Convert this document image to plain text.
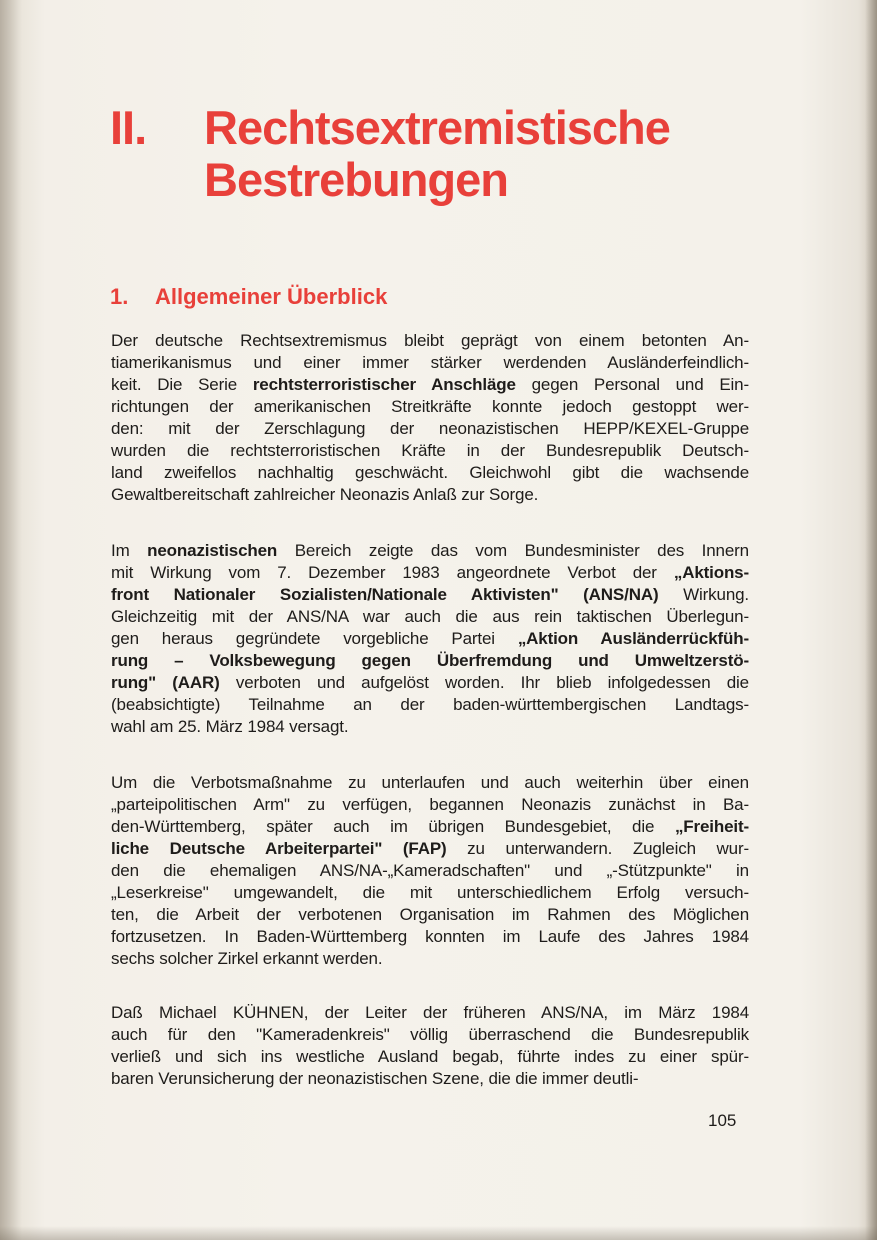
II. Rechtsextremistische
Bestrebungen
1. Allgemeiner Überblick
Der deutsche Rechtsextremismus bleibt geprägt von einem betonten An-
tiamerikanismus und einer immer stärker werdenden Ausländerfeindlich-
keit. Die Serie rechtsterroristischer Anschläge gegen Personal und Ein-
richtungen der amerikanischen Streitkräfte konnte jedoch gestoppt wer-
den: mit der Zerschlagung der neonazistischen HEPP/KEXEL-Gruppe
wurden die rechtsterroristischen Kräfte in der Bundesrepublik Deutsch-
land zweifellos nachhaltig geschwächt. Gleichwohl gibt die wachsende
Gewaltbereitschaft zahlreicher Neonazis Anlaß zur Sorge.
Im neonazistischen Bereich zeigte das vom Bundesminister des Innern
mit Wirkung vom 7. Dezember 1983 angeordnete Verbot der „Aktions-
front Nationaler Sozialisten/Nationale Aktivisten" (ANS/NA) Wirkung.
Gleichzeitig mit der ANS/NA war auch die aus rein taktischen Überlegun-
gen heraus gegründete vorgebliche Partei „Aktion Ausländerrückfüh-
rung – Volksbewegung gegen Überfremdung und Umweltzerstö-
rung" (AAR) verboten und aufgelöst worden. Ihr blieb infolgedessen die
(beabsichtigte) Teilnahme an der baden-württembergischen Landtags-
wahl am 25. März 1984 versagt.
Um die Verbotsmaßnahme zu unterlaufen und auch weiterhin über einen
„parteipolitischen Arm" zu verfügen, begannen Neonazis zunächst in Ba-
den-Württemberg, später auch im übrigen Bundesgebiet, die „Freiheit-
liche Deutsche Arbeiterpartei" (FAP) zu unterwandern. Zugleich wur-
den die ehemaligen ANS/NA-„Kameradschaften" und „-Stützpunkte" in
„Leserkreise" umgewandelt, die mit unterschiedlichem Erfolg versuch-
ten, die Arbeit der verbotenen Organisation im Rahmen des Möglichen
fortzusetzen. In Baden-Württemberg konnten im Laufe des Jahres 1984
sechs solcher Zirkel erkannt werden.
Daß Michael KÜHNEN, der Leiter der früheren ANS/NA, im März 1984
auch für den "Kameradenkreis" völlig überraschend die Bundesrepublik
verließ und sich ins westliche Ausland begab, führte indes zu einer spür-
baren Verunsicherung der neonazistischen Szene, die die immer deutli-
105
